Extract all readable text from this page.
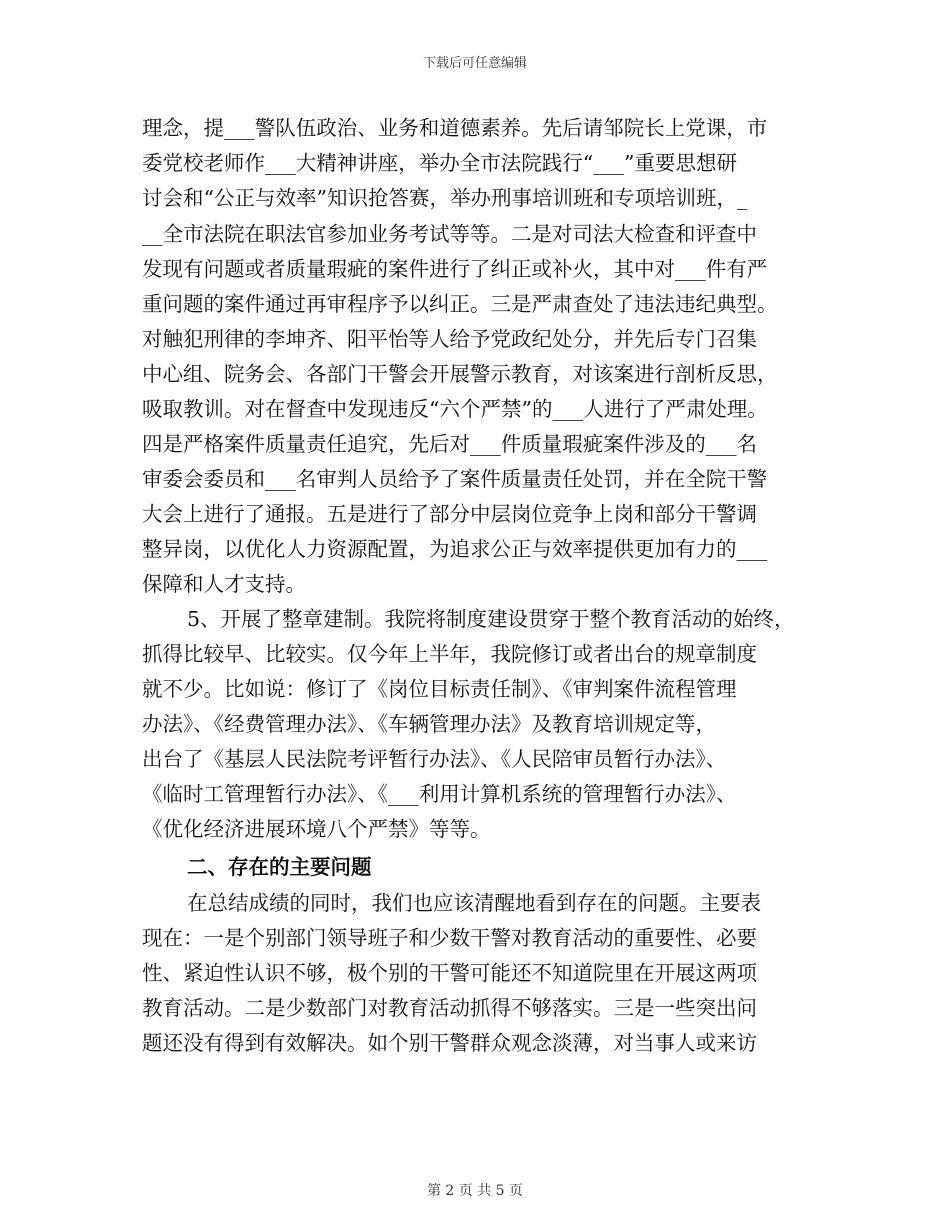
下载后可任意编辑
理念，提___警队伍政治、业务和道德素养。先后请邹院长上党课，市
委党校老师作___大精神讲座，举办全市法院践行“___”重要思想研
讨会和“公正与效率”知识抢答赛，举办刑事培训班和专项培训班，_
__全市法院在职法官参加业务考试等等。二是对司法大检查和评查中
发现有问题或者质量瑕疵的案件进行了纠正或补火，其中对___件有严
重问题的案件通过再审程序予以纠正。三是严肃查处了违法违纪典型。
对触犯刑律的李坤齐、阳平怡等人给予党政纪处分，并先后专门召集
中心组、院务会、各部门干警会开展警示教育，对该案进行剖析反思，
吸取教训。对在督查中发现违反“六个严禁”的___人进行了严肃处理。
四是严格案件质量责任追究，先后对___件质量瑕疵案件涉及的___名
审委会委员和___名审判人员给予了案件质量责任处罚，并在全院干警
大会上进行了通报。五是进行了部分中层岗位竞争上岗和部分干警调
整异岗，以优化人力资源配置，为追求公正与效率提供更加有力的___
保障和人才支持。
5、开展了整章建制。我院将制度建设贯穿于整个教育活动的始终，
抓得比较早、比较实。仅今年上半年，我院修订或者出台的规章制度
就不少。比如说：修订了《岗位目标责任制》、《审判案件流程管理
办法》、《经费管理办法》、《车辆管理办法》及教育培训规定等，
出台了《基层人民法院考评暂行办法》、《人民陪审员暂行办法》、
《临时工管理暂行办法》、《___利用计算机系统的管理暂行办法》、
《优化经济进展环境八个严禁》等等。
二、存在的主要问题
在总结成绩的同时，我们也应该清醒地看到存在的问题。主要表
现在：一是个别部门领导班子和少数干警对教育活动的重要性、必要
性、紧迫性认识不够，极个别的干警可能还不知道院里在开展这两项
教育活动。二是少数部门对教育活动抓得不够落实。三是一些突出问
题还没有得到有效解决。如个别干警群众观念淡薄，对当事人或来访
第 2 页 共 5 页
